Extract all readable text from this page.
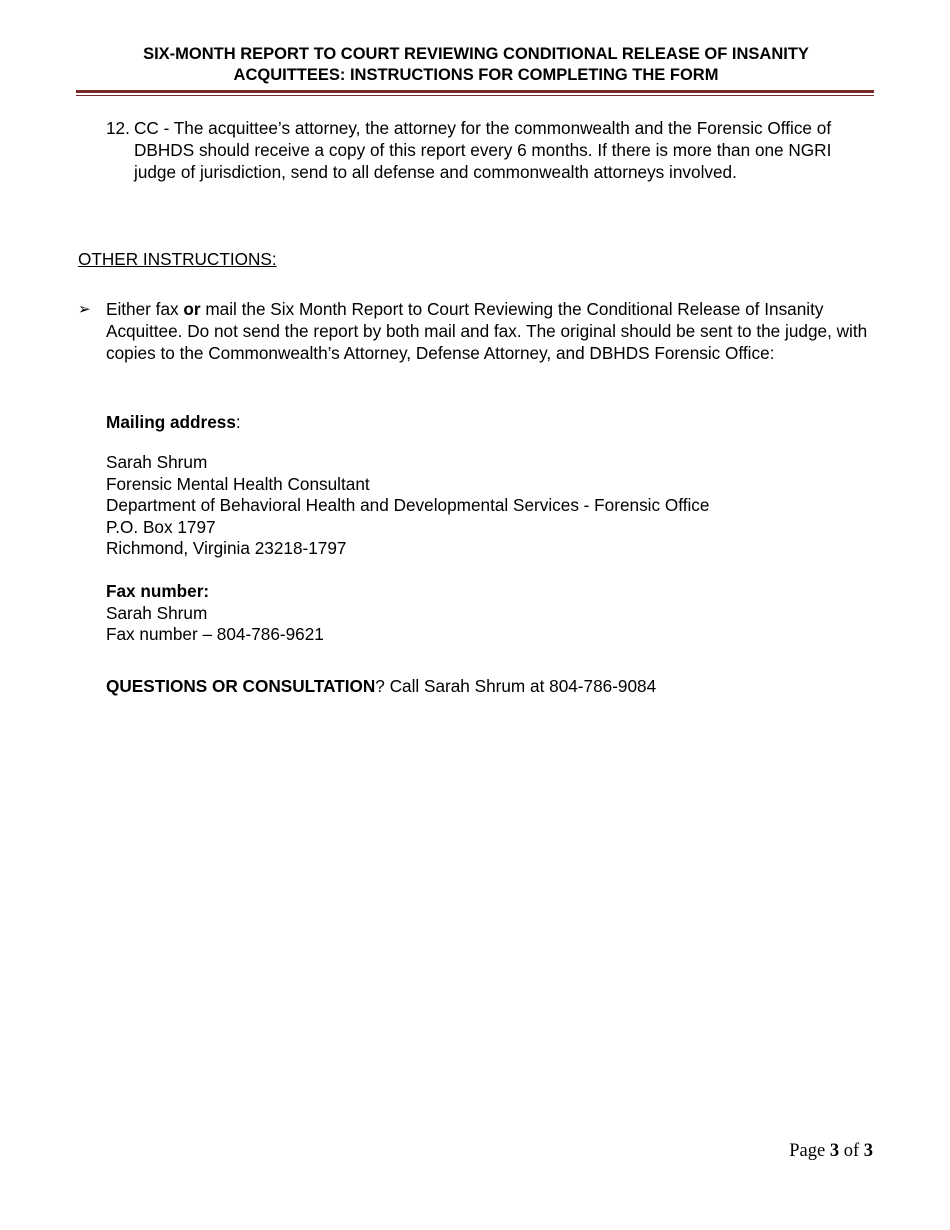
SIX-MONTH REPORT TO COURT REVIEWING CONDITIONAL RELEASE OF INSANITY
ACQUITTEES: INSTRUCTIONS FOR COMPLETING THE FORM
12. CC - The acquittee’s attorney, the attorney for the commonwealth and the Forensic Office of DBHDS should receive a copy of this report every 6 months. If there is more than one NGRI judge of jurisdiction, send to all defense and commonwealth attorneys involved.
OTHER INSTRUCTIONS:
➢ Either fax or mail the Six Month Report to Court Reviewing the Conditional Release of Insanity Acquittee. Do not send the report by both mail and fax. The original should be sent to the judge, with copies to the Commonwealth’s Attorney, Defense Attorney, and DBHDS Forensic Office:
Mailing address:
Sarah Shrum
Forensic Mental Health Consultant
Department of Behavioral Health and Developmental Services - Forensic Office
P.O. Box 1797
Richmond, Virginia 23218-1797
Fax number:
Sarah Shrum
Fax number – 804-786-9621
QUESTIONS OR CONSULTATION? Call Sarah Shrum at 804-786-9084
Page 3 of 3
